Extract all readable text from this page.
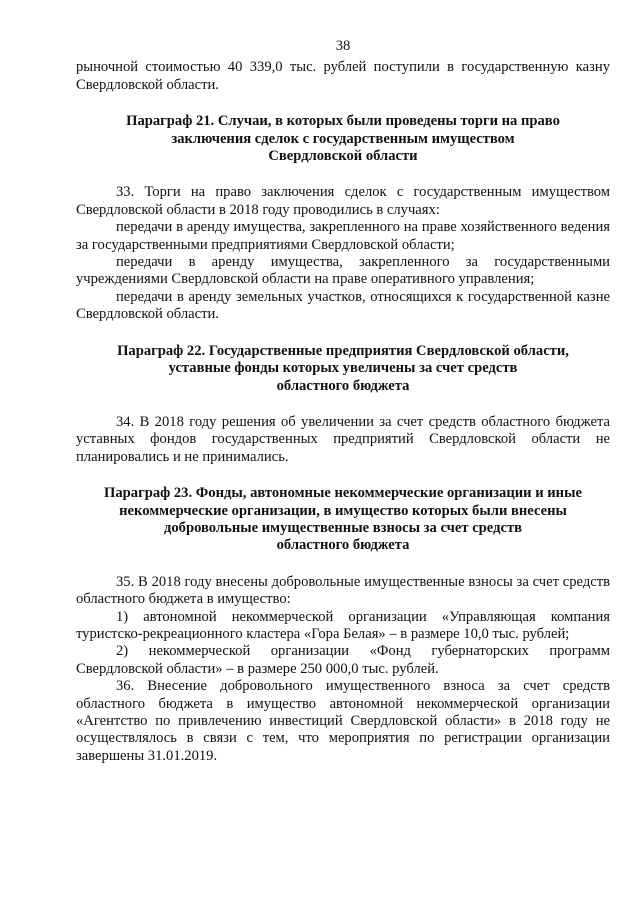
38

рыночной стоимостью 40 339,0 тыс. рублей поступили в государственную казну Свердловской области.

Параграф 21. Случаи, в которых были проведены торги на право
заключения сделок с государственным имуществом
Свердловской области

33. Торги на право заключения сделок с государственным имуществом Свердловской области в 2018 году проводились в случаях:

передачи в аренду имущества, закрепленного на праве хозяйственного ведения за государственными предприятиями Свердловской области;

передачи в аренду имущества, закрепленного за государственными учреждениями Свердловской области на праве оперативного управления;

передачи в аренду земельных участков, относящихся к государственной казне Свердловской области.

Параграф 22. Государственные предприятия Свердловской области,
уставные фонды которых увеличены за счет средств
областного бюджета

34. В 2018 году решения об увеличении за счет средств областного бюджета уставных фондов государственных предприятий Свердловской области не планировались и не принимались.

Параграф 23. Фонды, автономные некоммерческие организации и иные
некоммерческие организации, в имущество которых были внесены
добровольные имущественные взносы за счет средств
областного бюджета

35. В 2018 году внесены добровольные имущественные взносы за счет средств областного бюджета в имущество:

1) автономной некоммерческой организации «Управляющая компания туристско-рекреационного кластера «Гора Белая» – в размере 10,0 тыс. рублей;

2) некоммерческой организации «Фонд губернаторских программ Свердловской области» – в размере 250 000,0 тыс. рублей.

36. Внесение добровольного имущественного взноса за счет средств областного бюджета в имущество автономной некоммерческой организации «Агентство по привлечению инвестиций Свердловской области» в 2018 году не осуществлялось в связи с тем, что мероприятия по регистрации организации завершены 31.01.2019.
